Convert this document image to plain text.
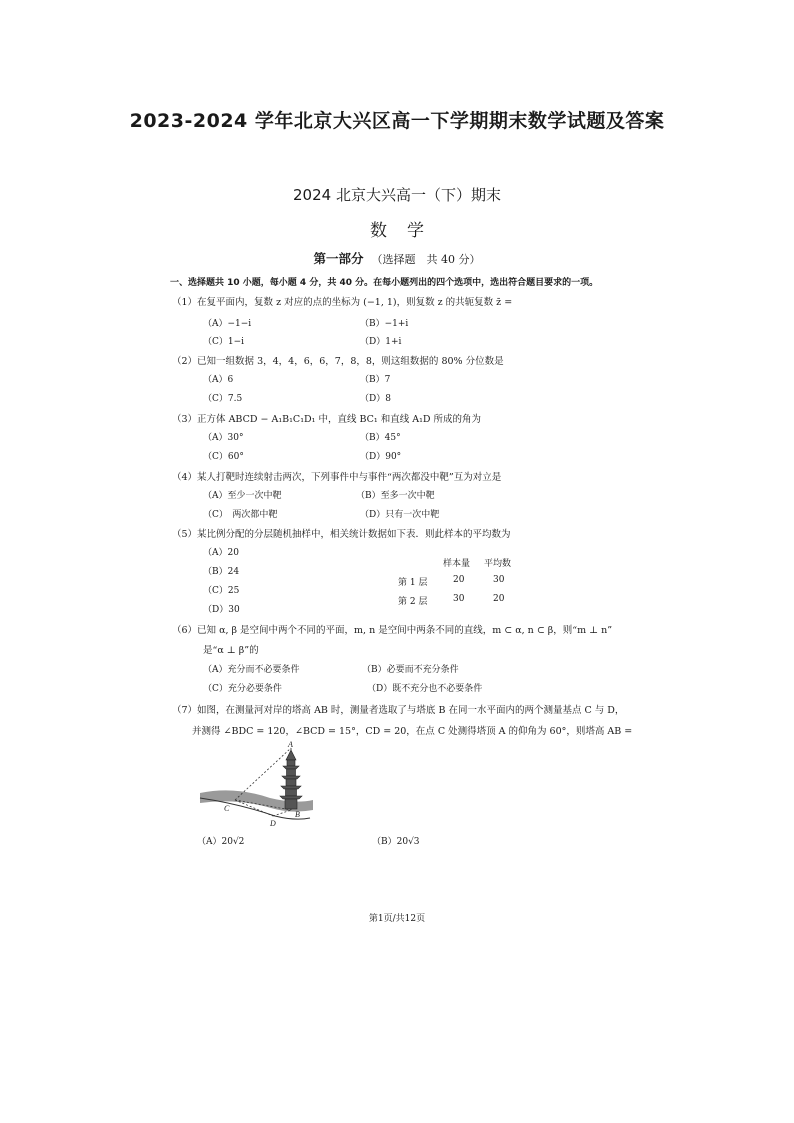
2023-2024 学年北京大兴区高一下学期期末数学试题及答案
2024 北京大兴高一（下）期末
数学
第一部分 （选择题　共 40 分）
一、选择题共 10 小题，每小题 4 分，共 40 分。在每小题列出的四个选项中，选出符合题目要求的一项。
（1）在复平面内，复数 z 对应的点的坐标为 (−1, 1)，则复数 z 的共轭复数 z̄ =
（A）−1−i	（B）−1+i
（C）1−i	（D）1+i
（2）已知一组数据 3，4，4，6，6，7，8，8，则这组数据的 80% 分位数是
（A）6	（B）7
（C）7.5	（D）8
（3）正方体 ABCD − A₁B₁C₁D₁ 中，直线 BC₁ 和直线 A₁D 所成的角为
（A）30°	（B）45°
（C）60°	（D）90°
（4）某人打靶时连续射击两次，下列事件中与事件“两次都没中靶”互为对立是
（A）至少一次中靶	（B）至多一次中靶
（C）　两次都中靶	（D）只有一次中靶
（5）某比例分配的分层随机抽样中，相关统计数据如下表．则此样本的平均数为
（A）20
（B）24
（C）25
（D）30
样本量 平均数
第 1 层	20	30
第 2 层	30	20
（6）已知 α, β 是空间中两个不同的平面，m, n 是空间中两条不同的直线，m ⊂ α, n ⊂ β，则“m ⊥ n”
是“α ⊥ β”的
（A）充分而不必要条件	（B）必要而不充分条件
（C）充分必要条件	（D）既不充分也不必要条件
（7）如图，在测量河对岸的塔高 AB 时，测量者选取了与塔底 B 在同一水平面内的两个测量基点 C 与 D，
并测得 ∠BDC = 120，∠BCD = 15°，CD = 20，在点 C 处测得塔顶 A 的仰角为 60°，则塔高 AB =
A
B
C
D
（A）20√2	（B）20√3
第1页/共12页
